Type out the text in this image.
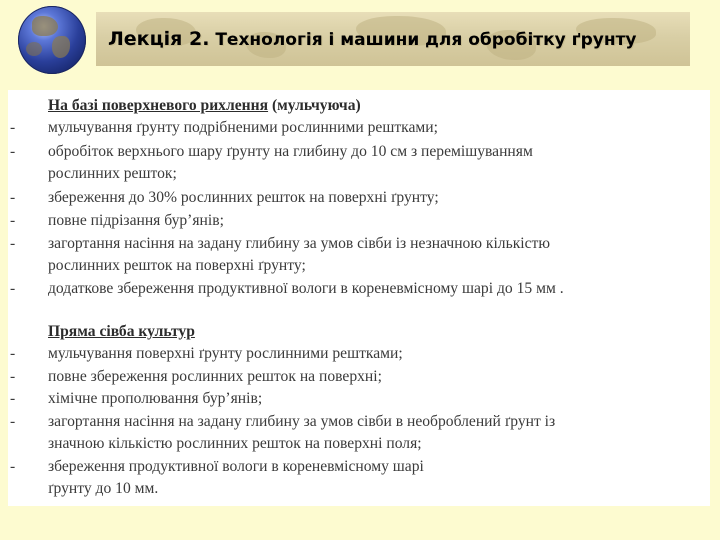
Лекція 2. Технологія і машини для обробітку ґрунту
На базі поверхневого рихлення (мульчуюча)
- мульчування ґрунту подрібненими рослинними рештками;
- обробіток верхнього шару ґрунту на глибину до 10 см з перемішуванням
рослинних решток;
- збереження до 30% рослинних решток на поверхні ґрунту;
- повне підрізання бур’янів;
- загортання насіння на задану глибину за умов сівби із незначною кількістю
рослинних решток на поверхні ґрунту;
- додаткове збереження продуктивної вологи в кореневмісному шарі до 15 мм .
Пряма сівба культур
- мульчування поверхні ґрунту рослинними рештками;
- повне збереження рослинних решток на поверхні;
- хімічне прополювання бур’янів;
- загортання насіння на задану глибину за умов сівби в необроблений ґрунт із
значною кількістю рослинних решток на поверхні поля;
- збереження продуктивної вологи в кореневмісному шарі
ґрунту до 10 мм.
